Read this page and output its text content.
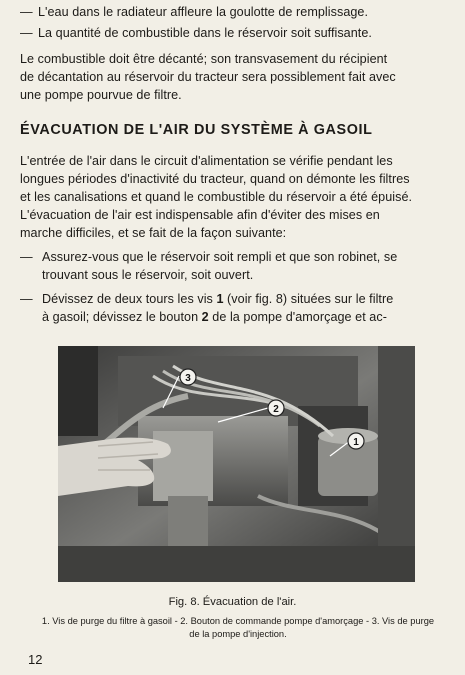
— L'eau dans le radiateur affleure la goulotte de remplissage.
— La quantité de combustible dans le réservoir soit suffisante.
Le combustible doit être décanté; son transvasement du récipient
de décantation au réservoir du tracteur sera possiblement fait avec
une pompe pourvue de filtre.
ÉVACUATION DE L'AIR DU SYSTÈME À GASOIL
L'entrée de l'air dans le circuit d'alimentation se vérifie pendant les
longues périodes d'inactivité du tracteur, quand on démonte les filtres
et les canalisations et quand le combustible du réservoir a été épuisé.
L'évacuation de l'air est indispensable afin d'éviter des mises en
marche difficiles, et se fait de la façon suivante:
— Assurez-vous que le réservoir soit rempli et que son robinet, se
trouvant sous le réservoir, soit ouvert.
— Dévissez de deux tours les vis 1 (voir fig. 8) situées sur le filtre
à gasoil; dévissez le bouton 2 de la pompe d'amorçage et ac-
3
2
1
Fig. 8. Évacuation de l'air.
1. Vis de purge du filtre à gasoil - 2. Bouton de commande pompe d'amorçage - 3. Vis de purge
de la pompe d'injection.
12
